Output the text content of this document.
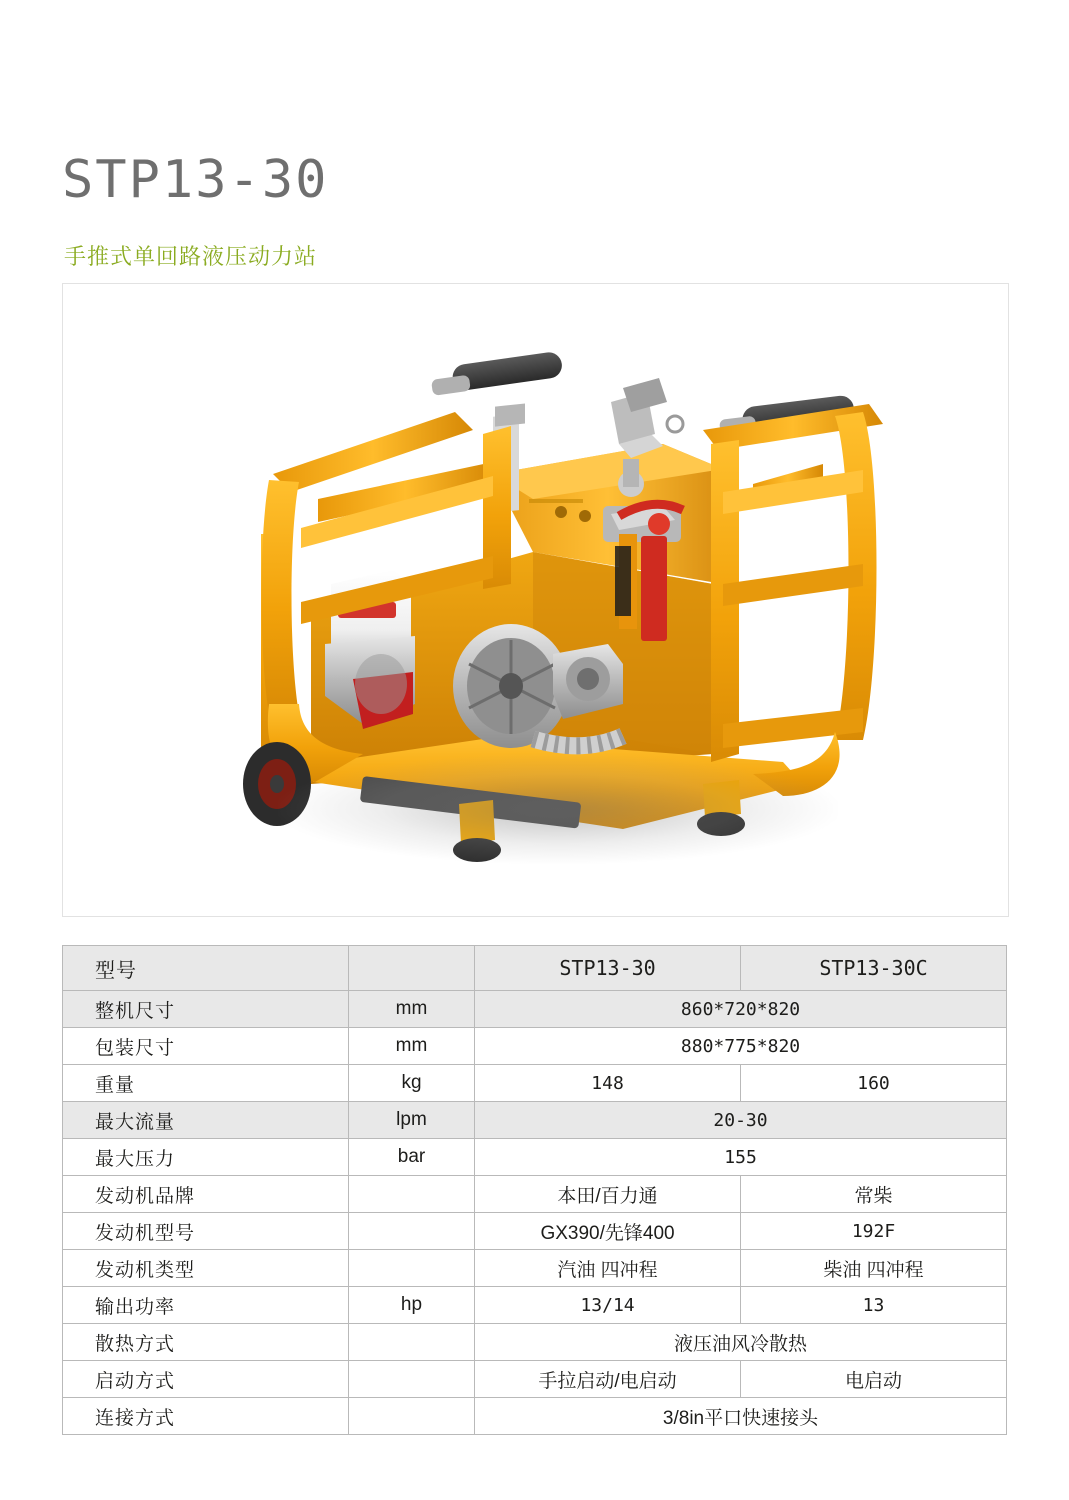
STP13-30
手推式单回路液压动力站
型号		STP13-30	STP13-30C
整机尺寸	mm	860*720*820	
包装尺寸	mm	880*775*820	
重量	kg	148	160
最大流量	lpm	20-30	
最大压力	bar	155	
发动机品牌		本田/百力通	常柴
发动机型号		GX390/先锋400	192F
发动机类型		汽油 四冲程	柴油 四冲程
输出功率	hp	13/14	13
散热方式		液压油风冷散热	
启动方式		手拉启动/电启动	电启动
连接方式		3/8in平口快速接头	
